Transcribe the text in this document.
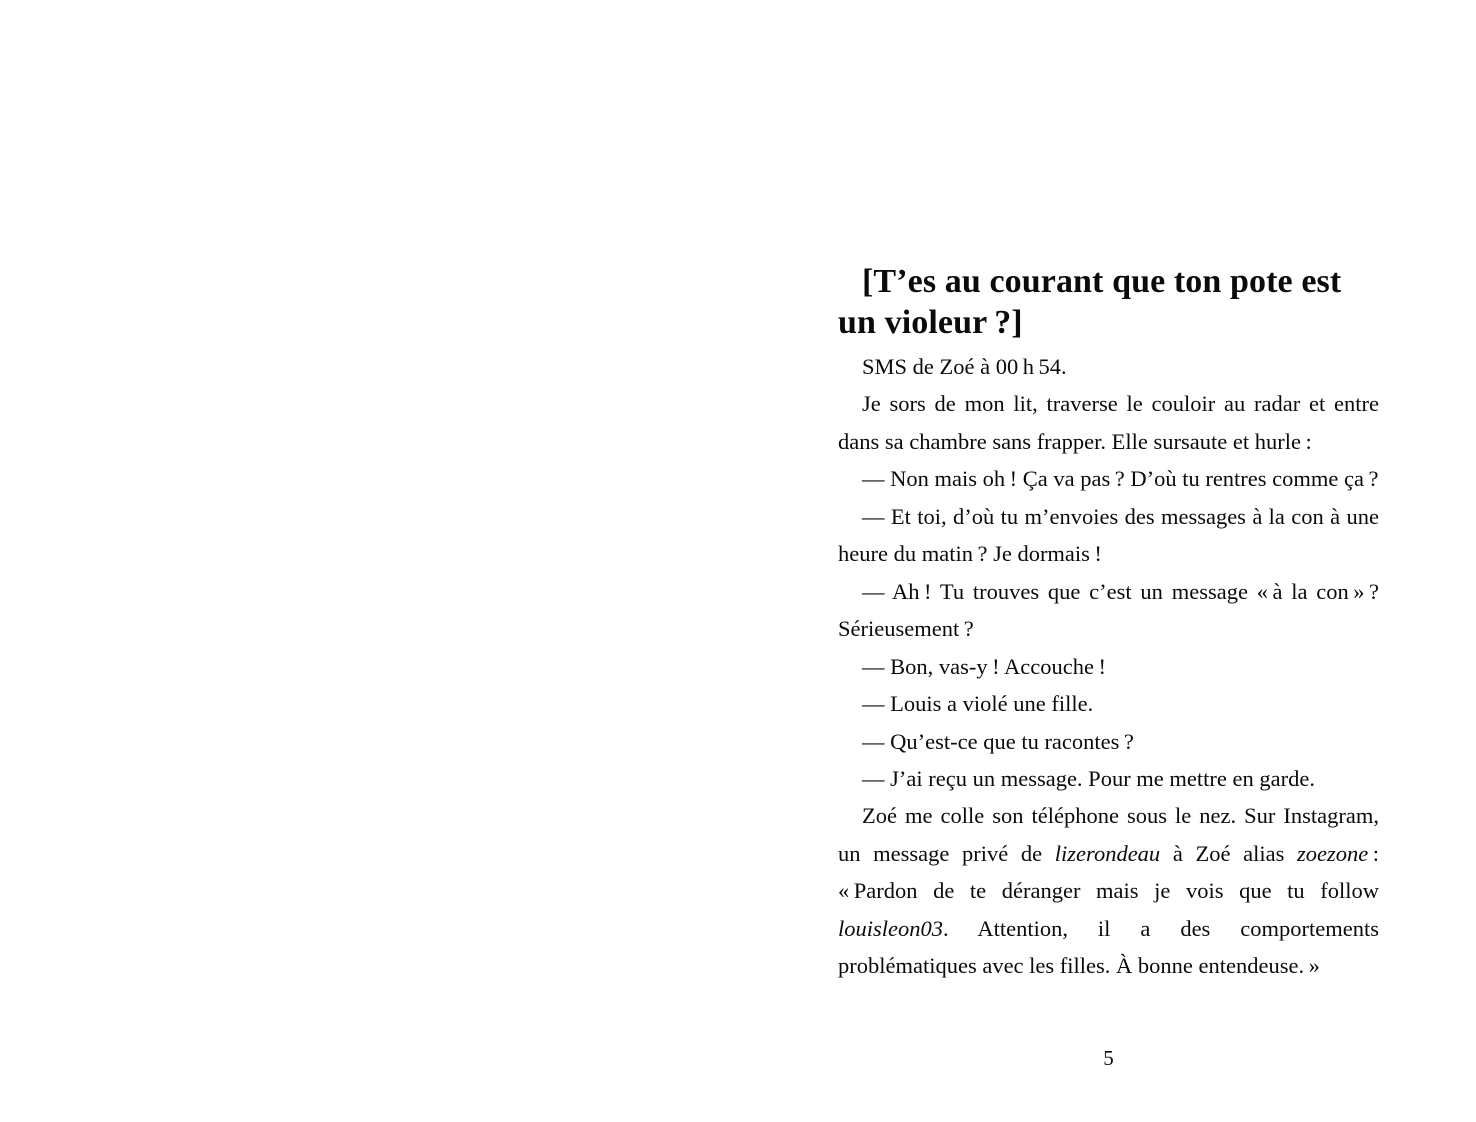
[T’es au courant que ton pote est un violeur ?]

SMS de Zoé à 00 h 54.

Je sors de mon lit, traverse le couloir au radar et entre dans sa chambre sans frapper. Elle sursaute et hurle :

— Non mais oh ! Ça va pas ? D’où tu rentres comme ça ?

— Et toi, d’où tu m’envoies des messages à la con à une heure du matin ? Je dormais !

— Ah ! Tu trouves que c’est un message « à la con » ? Sérieusement ?

— Bon, vas-y ! Accouche !

— Louis a violé une fille.

— Qu’est-ce que tu racontes ?

— J’ai reçu un message. Pour me mettre en garde.

Zoé me colle son téléphone sous le nez. Sur Instagram, un message privé de lizerondeau à Zoé alias zoezone : « Pardon de te déranger mais je vois que tu follow louisleon03. Attention, il a des comportements problématiques avec les filles. À bonne entendeuse. »

5
